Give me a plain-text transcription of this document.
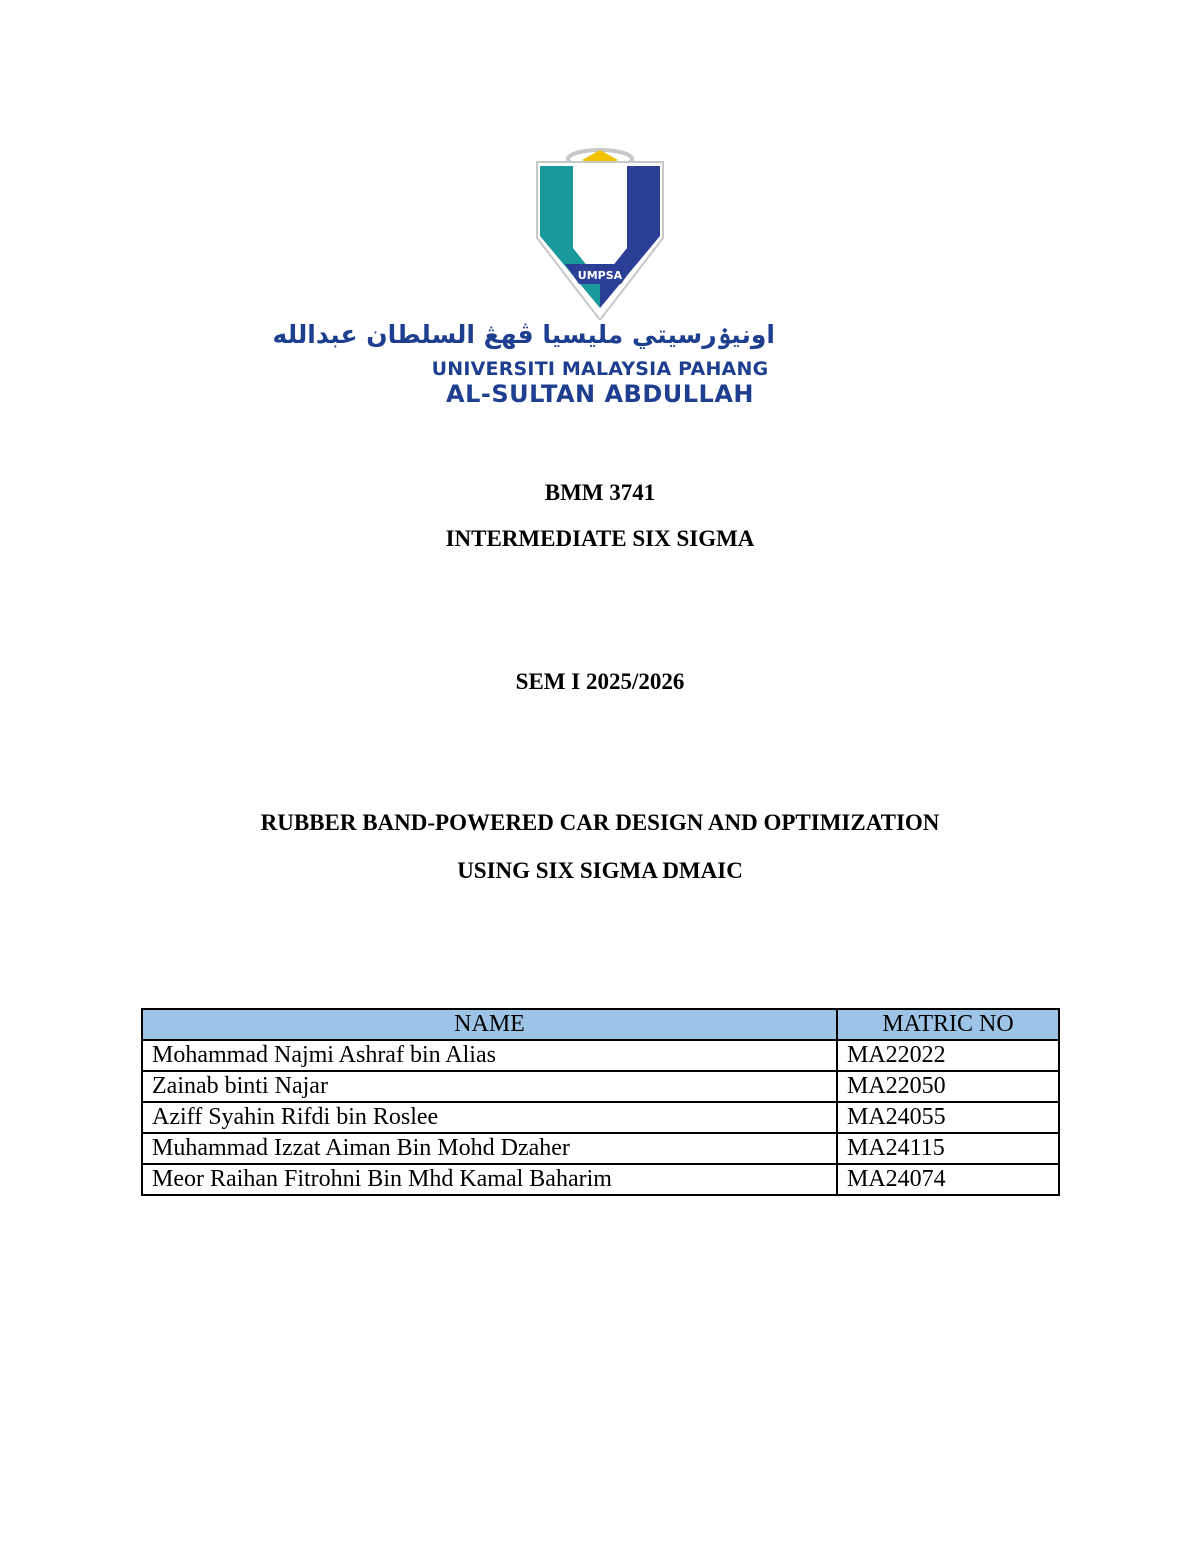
UMPSA
اونيۏرسيتي مليسيا ڤهڠ السلطان عبدالله
UNIVERSITI MALAYSIA PAHANG
AL-SULTAN ABDULLAH
BMM 3741
INTERMEDIATE SIX SIGMA
SEM I 2025/2026
RUBBER BAND-POWERED CAR DESIGN AND OPTIMIZATION
USING SIX SIGMA DMAIC
NAME	MATRIC NO
Mohammad Najmi Ashraf bin Alias	MA22022
Zainab binti Najar	MA22050
Aziff Syahin Rifdi bin Roslee	MA24055
Muhammad Izzat Aiman Bin Mohd Dzaher	MA24115
Meor Raihan Fitrohni Bin Mhd Kamal Baharim	MA24074
